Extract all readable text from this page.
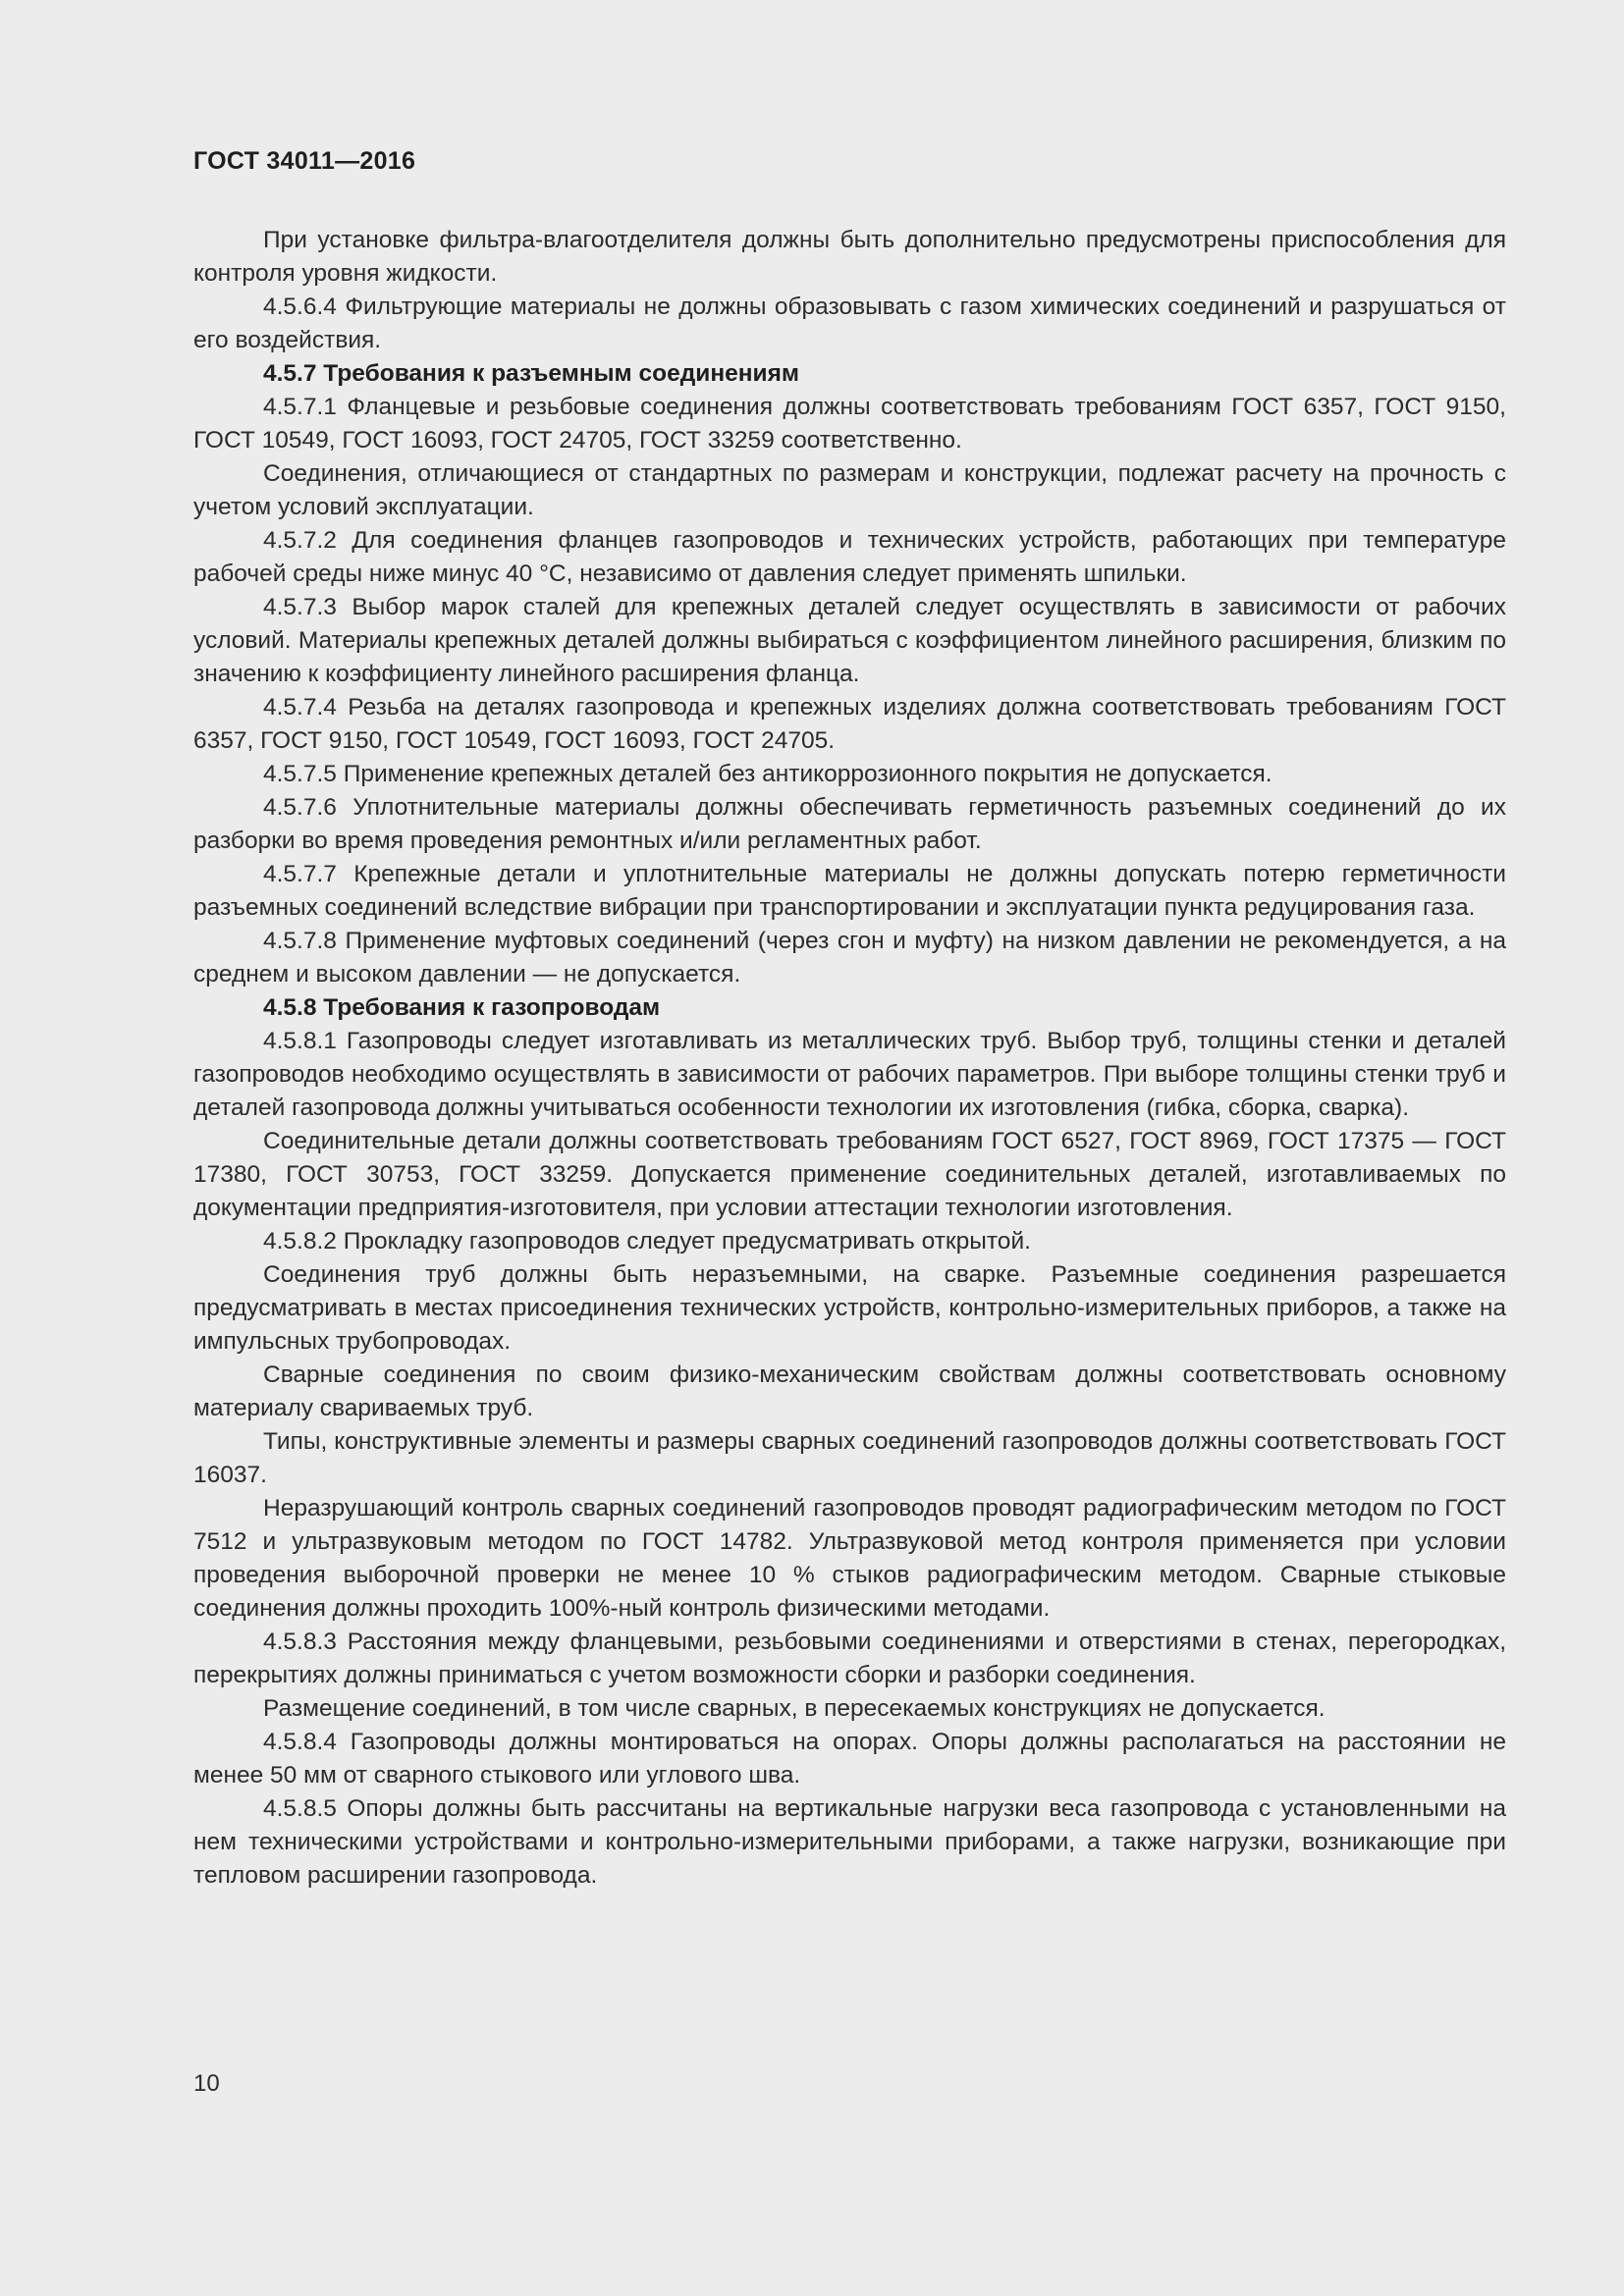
ГОСТ 34011—2016

При установке фильтра-влагоотделителя должны быть дополнительно предусмотрены приспособления для контроля уровня жидкости.

4.5.6.4 Фильтрующие материалы не должны образовывать с газом химических соединений и разрушаться от его воздействия.

4.5.7 Требования к разъемным соединениям

4.5.7.1 Фланцевые и резьбовые соединения должны соответствовать требованиям ГОСТ 6357, ГОСТ 9150, ГОСТ 10549, ГОСТ 16093, ГОСТ 24705, ГОСТ 33259 соответственно.

Соединения, отличающиеся от стандартных по размерам и конструкции, подлежат расчету на прочность с учетом условий эксплуатации.

4.5.7.2 Для соединения фланцев газопроводов и технических устройств, работающих при температуре рабочей среды ниже минус 40 °С, независимо от давления следует применять шпильки.

4.5.7.3 Выбор марок сталей для крепежных деталей следует осуществлять в зависимости от рабочих условий. Материалы крепежных деталей должны выбираться с коэффициентом линейного расширения, близким по значению к коэффициенту линейного расширения фланца.

4.5.7.4 Резьба на деталях газопровода и крепежных изделиях должна соответствовать требованиям ГОСТ 6357, ГОСТ 9150, ГОСТ 10549, ГОСТ 16093, ГОСТ 24705.

4.5.7.5 Применение крепежных деталей без антикоррозионного покрытия не допускается.

4.5.7.6 Уплотнительные материалы должны обеспечивать герметичность разъемных соединений до их разборки во время проведения ремонтных и/или регламентных работ.

4.5.7.7 Крепежные детали и уплотнительные материалы не должны допускать потерю герметичности разъемных соединений вследствие вибрации при транспортировании и эксплуатации пункта редуцирования газа.

4.5.7.8 Применение муфтовых соединений (через сгон и муфту) на низком давлении не рекомендуется, а на среднем и высоком давлении — не допускается.

4.5.8 Требования к газопроводам

4.5.8.1 Газопроводы следует изготавливать из металлических труб. Выбор труб, толщины стенки и деталей газопроводов необходимо осуществлять в зависимости от рабочих параметров. При выборе толщины стенки труб и деталей газопровода должны учитываться особенности технологии их изготовления (гибка, сборка, сварка).

Соединительные детали должны соответствовать требованиям ГОСТ 6527, ГОСТ 8969, ГОСТ 17375 — ГОСТ 17380, ГОСТ 30753, ГОСТ 33259. Допускается применение соединительных деталей, изготавливаемых по документации предприятия-изготовителя, при условии аттестации технологии изготовления.

4.5.8.2 Прокладку газопроводов следует предусматривать открытой.

Соединения труб должны быть неразъемными, на сварке. Разъемные соединения разрешается предусматривать в местах присоединения технических устройств, контрольно-измерительных приборов, а также на импульсных трубопроводах.

Сварные соединения по своим физико-механическим свойствам должны соответствовать основному материалу свариваемых труб.

Типы, конструктивные элементы и размеры сварных соединений газопроводов должны соответствовать ГОСТ 16037.

Неразрушающий контроль сварных соединений газопроводов проводят радиографическим методом по ГОСТ 7512 и ультразвуковым методом по ГОСТ 14782. Ультразвуковой метод контроля применяется при условии проведения выборочной проверки не менее 10 % стыков радиографическим методом. Сварные стыковые соединения должны проходить 100%-ный контроль физическими методами.

4.5.8.3 Расстояния между фланцевыми, резьбовыми соединениями и отверстиями в стенах, перегородках, перекрытиях должны приниматься с учетом возможности сборки и разборки соединения.

Размещение соединений, в том числе сварных, в пересекаемых конструкциях не допускается.

4.5.8.4 Газопроводы должны монтироваться на опорах. Опоры должны располагаться на расстоянии не менее 50 мм от сварного стыкового или углового шва.

4.5.8.5 Опоры должны быть рассчитаны на вертикальные нагрузки веса газопровода с установленными на нем техническими устройствами и контрольно-измерительными приборами, а также нагрузки, возникающие при тепловом расширении газопровода.

10
